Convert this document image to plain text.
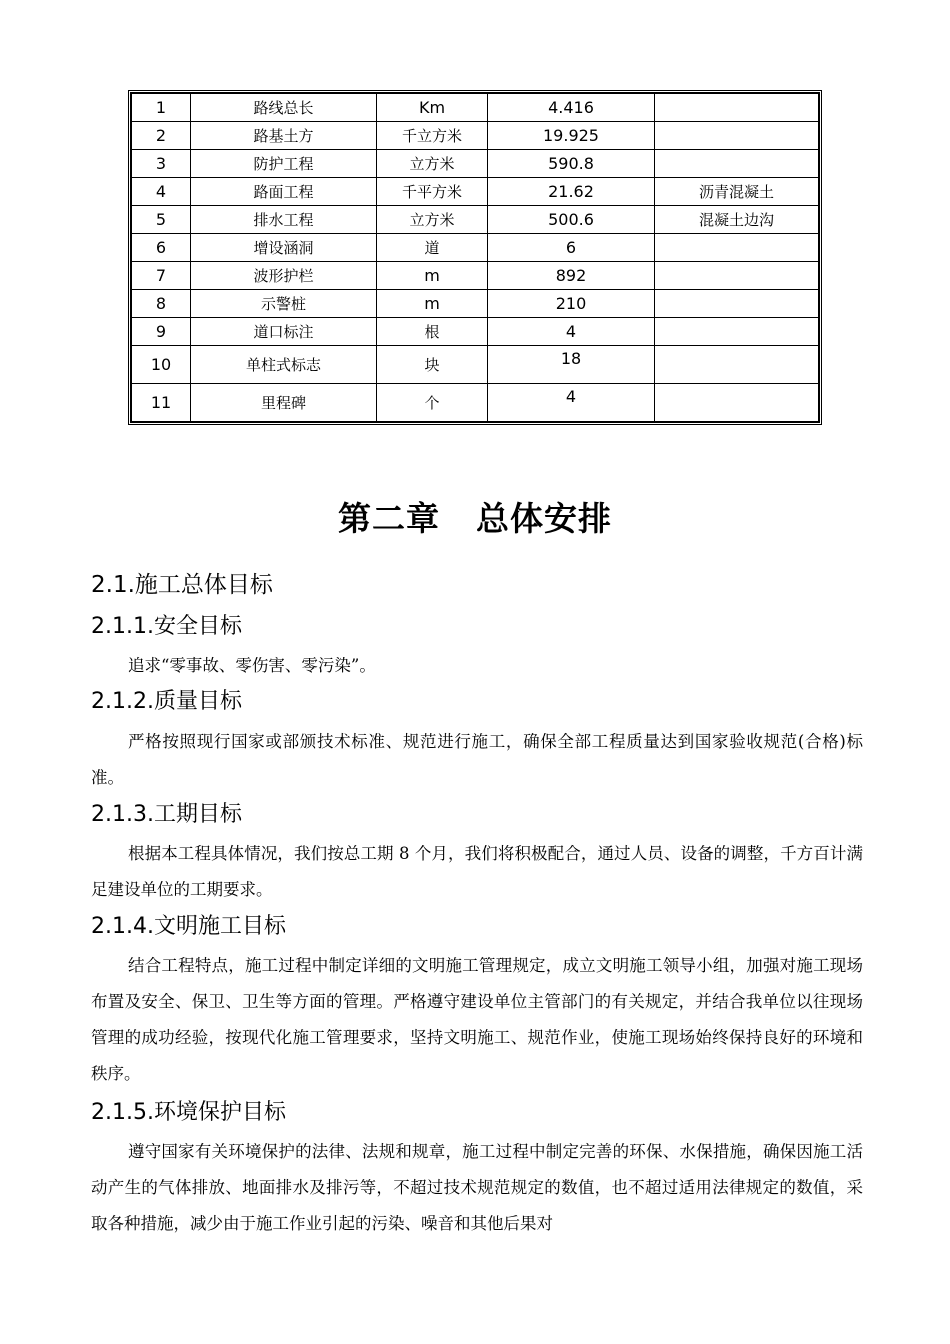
1	路线总长	Km	4.416	
2	路基土方	千立方米	19.925	
3	防护工程	立方米	590.8	
4	路面工程	千平方米	21.62	沥青混凝土
5	排水工程	立方米	500.6	混凝土边沟
6	增设涵洞	道	6	
7	波形护栏	m	892	
8	示警桩	m	210	
9	道口标注	根	4	
10	单柱式标志	块	18	
11	里程碑	个	4	
第二章 总体安排
2.1.施工总体目标
2.1.1.安全目标
追求“零事故、零伤害、零污染”。
2.1.2.质量目标
严格按照现行国家或部颁技术标准、规范进行施工，确保全部工程质量达到国家验收规范(合格)标准。
2.1.3.工期目标
根据本工程具体情况，我们按总工期 8 个月，我们将积极配合，通过人员、设备的调整，千方百计满足建设单位的工期要求。
2.1.4.文明施工目标
结合工程特点，施工过程中制定详细的文明施工管理规定，成立文明施工领导小组，加强对施工现场布置及安全、保卫、卫生等方面的管理。严格遵守建设单位主管部门的有关规定，并结合我单位以往现场管理的成功经验，按现代化施工管理要求，坚持文明施工、规范作业，使施工现场始终保持良好的环境和秩序。
2.1.5.环境保护目标
遵守国家有关环境保护的法律、法规和规章，施工过程中制定完善的环保、水保措施，确保因施工活动产生的气体排放、地面排水及排污等，不超过技术规范规定的数值，也不超过适用法律规定的数值，采取各种措施，减少由于施工作业引起的污染、噪音和其他后果对
